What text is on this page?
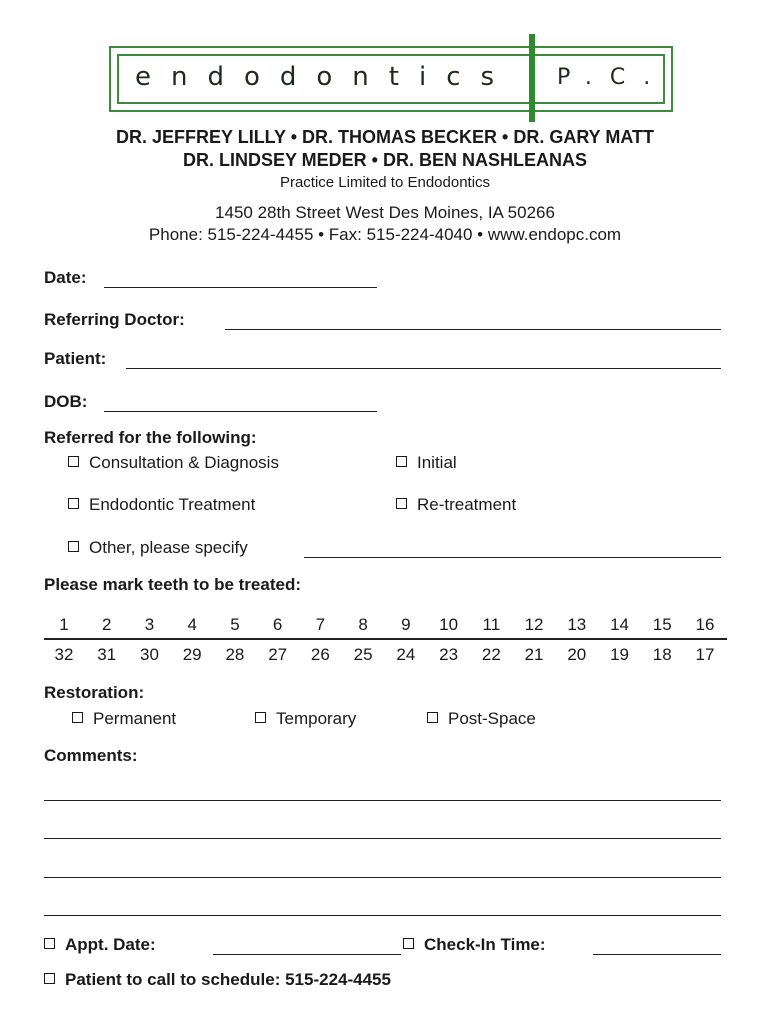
endodontics P.C.
DR. JEFFREY LILLY • DR. THOMAS BECKER • DR. GARY MATT
DR. LINDSEY MEDER • DR. BEN NASHLEANAS
Practice Limited to Endodontics
1450 28th Street West Des Moines, IA 50266
Phone: 515-224-4455 • Fax: 515-224-4040 • www.endopc.com
Date:
Referring Doctor:
Patient:
DOB:
Referred for the following:
Consultation & Diagnosis	Initial
Endodontic Treatment	Re-treatment
Other, please specify
Please mark teeth to be treated:
1	2	3	4	5	6	7	8	9	10	11	12	13	14	15	16
32	31	30	29	28	27	26	25	24	23	22	21	20	19	18	17
Restoration:
Permanent	Temporary	Post-Space
Comments:
Appt. Date:	Check-In Time:
Patient to call to schedule: 515-224-4455
